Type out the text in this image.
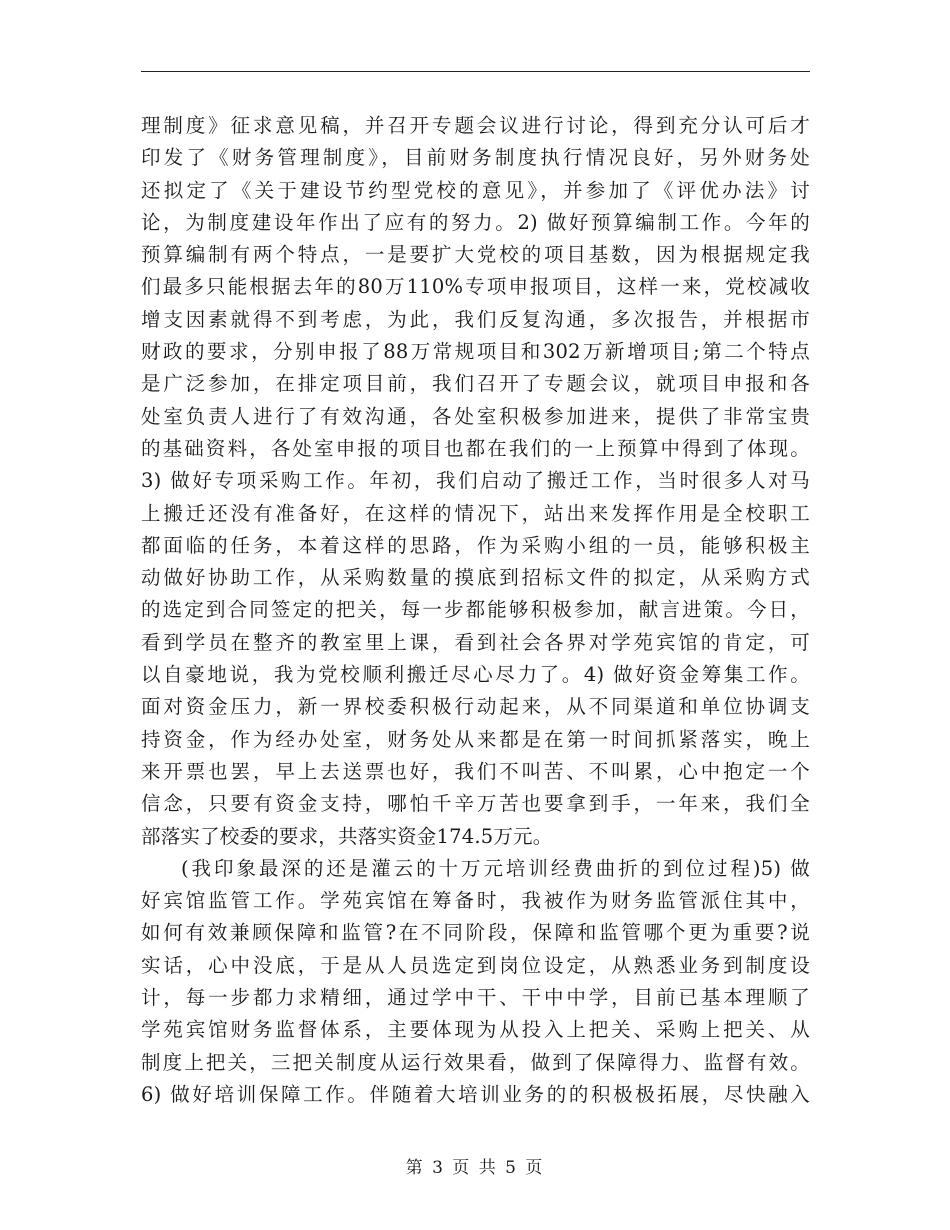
理制度》征求意见稿，并召开专题会议进行讨论，得到充分认可后才
印发了《财务管理制度》，目前财务制度执行情况良好，另外财务处
还拟定了《关于建设节约型党校的意见》，并参加了《评优办法》讨
论，为制度建设年作出了应有的努力。2) 做好预算编制工作。今年的
预算编制有两个特点，一是要扩大党校的项目基数，因为根据规定我
们最多只能根据去年的80万110%专项申报项目，这样一来，党校减收
增支因素就得不到考虑，为此，我们反复沟通，多次报告，并根据市
财政的要求，分别申报了88万常规项目和302万新增项目;第二个特点
是广泛参加，在排定项目前，我们召开了专题会议，就项目申报和各
处室负责人进行了有效沟通，各处室积极参加进来，提供了非常宝贵
的基础资料，各处室申报的项目也都在我们的一上预算中得到了体现。
3) 做好专项采购工作。年初，我们启动了搬迁工作，当时很多人对马
上搬迁还没有准备好，在这样的情况下，站出来发挥作用是全校职工
都面临的任务，本着这样的思路，作为采购小组的一员，能够积极主
动做好协助工作，从采购数量的摸底到招标文件的拟定，从采购方式
的选定到合同签定的把关，每一步都能够积极参加，献言进策。今日，
看到学员在整齐的教室里上课，看到社会各界对学苑宾馆的肯定，可
以自豪地说，我为党校顺利搬迁尽心尽力了。4) 做好资金筹集工作。
面对资金压力，新一界校委积极行动起来，从不同渠道和单位协调支
持资金，作为经办处室，财务处从来都是在第一时间抓紧落实，晚上
来开票也罢，早上去送票也好，我们不叫苦、不叫累，心中抱定一个
信念，只要有资金支持，哪怕千辛万苦也要拿到手，一年来，我们全
部落实了校委的要求，共落实资金174.5万元。
(我印象最深的还是灌云的十万元培训经费曲折的到位过程)5) 做
好宾馆监管工作。学苑宾馆在筹备时，我被作为财务监管派住其中，
如何有效兼顾保障和监管?在不同阶段，保障和监管哪个更为重要?说
实话，心中没底，于是从人员选定到岗位设定，从熟悉业务到制度设
计，每一步都力求精细，通过学中干、干中中学，目前已基本理顺了
学苑宾馆财务监督体系，主要体现为从投入上把关、采购上把关、从
制度上把关，三把关制度从运行效果看，做到了保障得力、监督有效。
6) 做好培训保障工作。伴随着大培训业务的的积极极拓展，尽快融入
第 3 页 共 5 页
